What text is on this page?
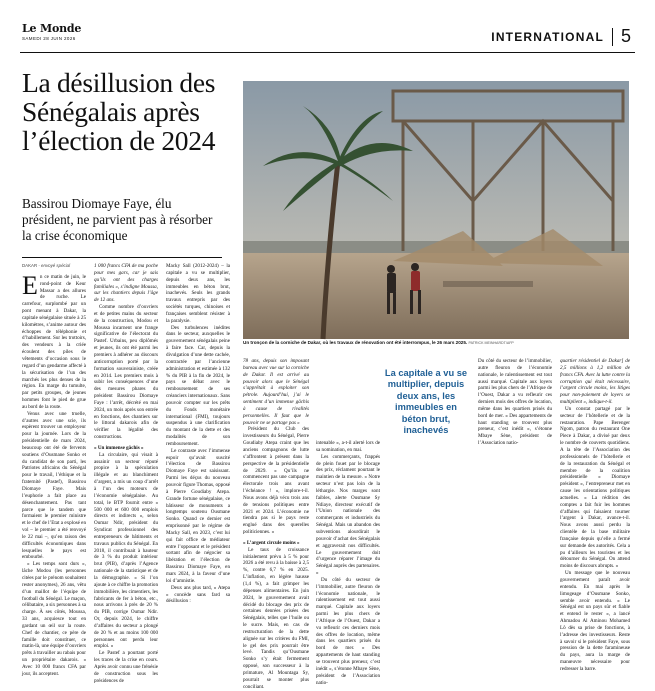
Le Monde
SAMEDI 28 JUIN 2026	INTERNATIONAL 5
La désillusion des Sénégalais après l’élection de 2024
Bassirou Diomaye Faye, élu président, ne parvient pas à résorber la crise économique
Un tronçon de la corniche de Dakar, où les travaux de rénovation ont été interrompus, le 26 mars 2025. PATRICK MEINHARDT/AFP
La capitale a vu se multiplier, depuis deux ans, les immeubles en béton brut, inachevés
DAKAR - envoyé spécial

En ce matin de juin, le rond-point de Keur Massar a des allures de ruche. Le carrefour, surplombé par un pont menant à Dakar, la capitale sénégalaise située à 25 kilomètres, s’anime autour des échoppes de téléphonie et d’habillement. Sur les trottoirs, des vendeurs à la criée écoulent des piles de vêtements d’occasion sous le regard d’un gendarme affecté à la sécurisation de l’un des marchés les plus denses de la région. En marge du tumulte, par petits groupes, de jeunes hommes font le pied de grue au bord de la route.

Venus avec une truelle, d’autres avec une scie, ils espèrent trouver un employeur pour la journée. Lors de la présidentielle de mars 2024, beaucoup ont été de fervents soutiens d’Ousmane Sonko et du candidat de son parti, les Patriotes africains du Sénégal pour le travail, l’éthique et la fraternité (Pastef), Bassirou Diomaye Faye. Mais l’euphorie a fait place au désenchantement. Pas tant parce que le tandem que formaient le premier ministre et le chef de l’Etat a explosé en vol – le premier a été renvoyé le 22 mai –, qu’en raison des difficultés économiques dans lesquelles le pays est embourbé.

« Les temps sont durs », lâche Modou (les personnes citées par le prénom souhaitent rester anonymes), 26 ans, vêtu d’un maillot de l’équipe de football du Sénégal. Le maçon, célibataire, a six personnes à sa charge. À ses côtés, Moussa, 33 ans, acquiesce tout en gardant un œil sur la route. Chef de chantier, ce père de famille doit constituer, ce matin-là, une équipe d’ouvriers prêts à travailler au rabais pour un propriétaire dakarois. « Avec 10 000 francs CFA par jour, ils acceptent.

1 000 francs CFA de ma poche pour mes gars, car je sais qu’ils ont des charges familiales », s’indigne Moussa, sur les chantiers depuis l’âge de 12 ans.

Comme nombre d’ouvriers et de petites mains du secteur de la construction, Modou et Moussa incarnent une frange significative de l’électorat du Pastef. Urbains, peu diplômés et jeunes, ils ont été parmi les premiers à adhérer au discours anticorruption porté par la formation souverainiste, créée en 2014. Les premiers mois à subir les conséquences d’une des mesures phares du président Bassirou Diomaye Faye : l’arrêt, décrété en mai 2024, un mois après son entrée en fonctions, des chantiers sur le littoral dakarois afin de vérifier la légalité des constructions.

« Un immense gâchis »

La circulaire, qui visait à assainir un secteur réputé propice à la spéculation illégale et au blanchiment d’argent, a mis un coup d’arrêt à l’un des moteurs de l’économie sénégalaise. Au total, le BTP fournit entre « 500 000 et 600 000 emplois directs et indirects », selon Oumar Ndir, président du Syndicat professionnel des entrepreneurs de bâtiments et travaux publics du Sénégal. En 2018, il contribuait à hauteur de 3 % du produit intérieur brut (PIB), d’après l’Agence nationale de la statistique et de la démographie. « Si l’on ajoute à ce chiffre la promotion immobilière, les cimentiers, les fabricants de fer à béton, etc., nous arrivons à près de 20 % du PIB, corrige Oumar Ndir. Or, depuis 2024, le chiffre d’affaires du secteur a plongé de 20 % et au moins 100 000 personnes ont perdu leur emploi. »

Le Pastef a pourtant porté les traces de la crise en cours. Après avoir connu une frénésie de construction sous les présidences de

Macky Sall (2012-2024) – la capitale a vu se multiplier, depuis deux ans, les immeubles en béton brut, inachevés. Seuls les grands travaux entrepris par des sociétés turques, chinoises et françaises semblent résister à la paralysie.

Des turbulences inédites dans le secteur, auxquelles le gouvernement sénégalais peine à faire face. Car, depuis la divulgation d’une dette cachée, contractée par l’ancienne administration et estimée à 132 % du PIB à la fin de 2024, le pays se débat avec le remboursement de ses créanciers internationaux. Sans pouvoir compter sur les prêts du Fonds monétaire international (FMI), toujours suspendus à une clarification du montant de la dette et des modalités de son remboursement.

Le contraste avec l’immense espoir qu’avait suscité l’élection de Bassirou Diomaye Faye est saisissant. Parmi les déçus du nouveau pouvoir figure Thomas, opposé à Pierre Goudiaby Atepa. Grande fortune sénégalaise, ce bâtisseur de monuments a longtemps soutenu Ousmane Sonko. Quand ce dernier est emprisonné par le régime de Macky Sall, en 2023, c’est lui qui fait office de médiateur entre l’opposant et le président sortant afin de négocier sa libération et l’élection de Bassirou Diomaye Faye, en mars 2024, à la faveur d’une loi d’amnistie.

Deux ans plus tard, « Atepa » concède sans fard sa désillusion :

78 ans, depuis son imposant bureau avec vue sur la corniche de Dakar. Il est arrivé au pouvoir alors que le Sénégal s’apprêtait à exploiter son pétrole. Aujourd’hui, j’ai le sentiment d’un immense gâchis à cause de rivalités personnelles. Il faut que le pouvoir ne se partage pas »

Président du Club des investisseurs du Sénégal, Pierre Goudiaby Atepa craint que les anciens compagnons de lutte s’affrontent à présent dans la perspective de la présidentielle de 2029. « Qu’ils ne commencent pas une campagne électorale trois ans avant l’échéance ! », implore-t-il. Nous avons déjà vécu trois ans de tensions politiques entre 2021 et 2024. L’économie ne tiendra pas si le pays reste englué dans des querelles politiciennes. »

« L’argent circule moins »

Le taux de croissance initialement prévu à 5 % pour 2026 a été revu à la baisse à 2,5 %, contre 6,7 % en 2025. L’inflation, en légère hausse (1,4 %), a fait grimper les dépenses alimentaires. En juin 2024, le gouvernement avait décidé du blocage des prix de certaines denrées prisées des Sénégalais, telles que l’huile ou le sucre. Mais, en cas de restructuration de la dette alignée sur les critères du FMI, le gel des prix pourrait être levé. Tandis qu’Ousmane Sonko s’y était fermement opposé, son successeur à la primature, Al Mountaga Sy, pourrait se monter plus conciliant.

intenable », a-t-il alerté lors de sa nomination, en mai.

Les commerçants, frappés de plein fouet par le blocage des prix, réclament pourtant le maintien de la mesure. « Notre secteur n’est pas loin de la léthargie. Nos marges sont faibles, alerte Ousmane Sy Ndiaye, directeur exécutif de l’Union nationale des commerçants et industriels du Sénégal. Mais un abandon des subventions alourdirait le pouvoir d’achat des Sénégalais et aggraverait nos difficultés. Le gouvernement doit d’urgence réparer l’image du Sénégal auprès des partenaires. »

Du côté du secteur de l’immobilier, autre fleuron de l’économie nationale, le ralentissement est tout aussi marqué. Capitale aux loyers parmi les plus chers de l’Afrique de l’Ouest, Dakar a vu refleurir ces derniers mois des offres de location, même dans les quartiers prisés du bord de mer. « Des appartements de haut standing se trouvent plus preneur, c’est inédit », s’étonne Mbaye Sène, président de l’Association natio-

quartier résidentiel de Dakar] de 2,5 millions à 1,2 million de francs CFA. Avec la lutte contre la corruption qui était nécessaire, l’argent circule moins, les litiges pour non-paiement de loyers se multiplient », indique-t-il.

Un constat partagé par le secteur de l’hôtellerie et de la restauration. Pape Berenger Ngom, patron du restaurant One Piece à Dakar, a divisé par deux le nombre de couverts quotidiens. A la tête de l’Association des professionnels de l’hôtellerie et de la restauration du Sénégal et membre de la coalition présidentielle « Diomaye président », l’entrepreneur met en cause les orientations politiques actuelles. « La rédition des comptes a fait fuir les hommes d’affaires qui faisaient tourner l’argent à Dakar, avance-t-il. Nous avons aussi perdu la clientèle de la base militaire française depuis qu’elle a fermé sur demande des autorités. Cela a pu d’ailleurs les touristes et les détourner du Sénégal. On attend moins de discours abrupts. »

Un message que le nouveau gouvernement paraît avoir entendu. En mai après le limogeage d’Ousmane Sonko, semble avoir entendu. « Le Sénégal est un pays sûr et fiable et entend le rester », a lancé Ahmadou Al Aminou Mohamed Lô dès sa prise de fonctions, à l’adresse des investisseurs. Reste à savoir si le président Faye, sous pression de la dette faramineuse du pays, aura la marge de manœuvre nécessaire pour redresser la barre.

Du côté du secteur de l’immobilier, autre fleuron de l’économie nationale, le ralentissement est tout aussi marqué. Capitale aux loyers parmi les plus chers de l’Afrique de l’Ouest, Dakar a vu refleurir ces derniers mois des offres de location, même dans les quartiers prisés du bord de mer. « Des appartements de haut standing se trouvent plus preneur, c’est inédit », s’étonne Mbaye Sène, président de l’Association natio-
